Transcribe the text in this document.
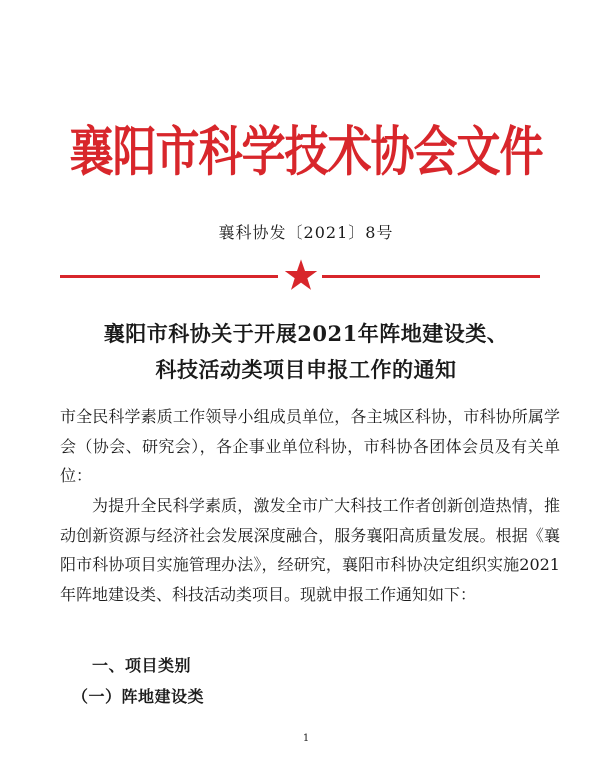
襄阳市科学技术协会文件
襄科协发〔2021〕8号
襄阳市科协关于开展2021年阵地建设类、
科技活动类项目申报工作的通知
市全民科学素质工作领导小组成员单位，各主城区科协，市科协所属学会（协会、研究会），各企事业单位科协，市科协各团体会员及有关单位：
为提升全民科学素质，激发全市广大科技工作者创新创造热情，推动创新资源与经济社会发展深度融合，服务襄阳高质量发展。根据《襄阳市科协项目实施管理办法》，经研究，襄阳市科协决定组织实施2021年阵地建设类、科技活动类项目。现就申报工作通知如下：
一、项目类别
（一）阵地建设类
1
